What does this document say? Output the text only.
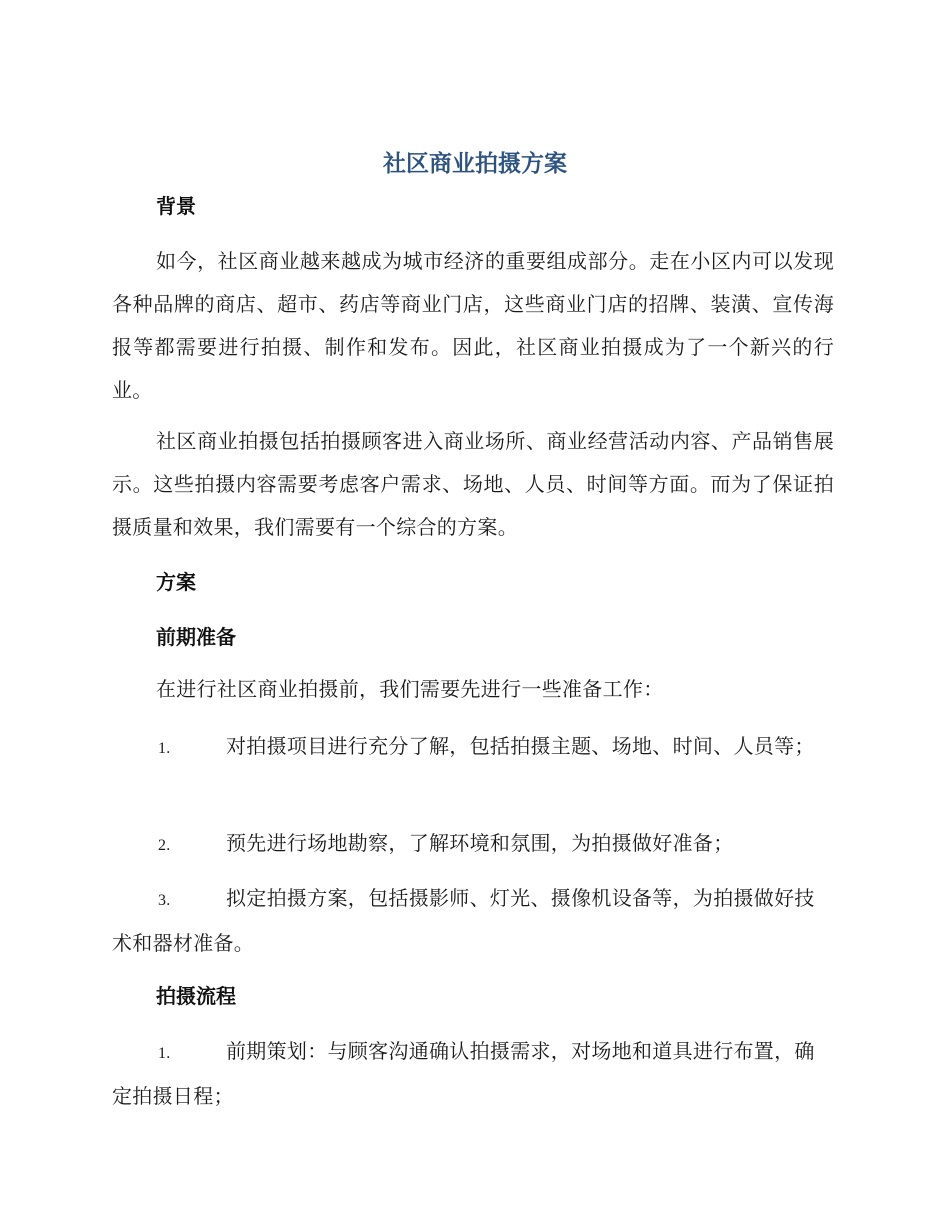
社区商业拍摄方案
背景
如今，社区商业越来越成为城市经济的重要组成部分。走在小区内可以发现各种品牌的商店、超市、药店等商业门店，这些商业门店的招牌、装潢、宣传海报等都需要进行拍摄、制作和发布。因此，社区商业拍摄成为了一个新兴的行业。
社区商业拍摄包括拍摄顾客进入商业场所、商业经营活动内容、产品销售展示。这些拍摄内容需要考虑客户需求、场地、人员、时间等方面。而为了保证拍摄质量和效果，我们需要有一个综合的方案。
方案
前期准备
在进行社区商业拍摄前，我们需要先进行一些准备工作：
1.	对拍摄项目进行充分了解，包括拍摄主题、场地、时间、人员等；
2.	预先进行场地勘察，了解环境和氛围，为拍摄做好准备；
3.	拟定拍摄方案，包括摄影师、灯光、摄像机设备等，为拍摄做好技术和器材准备。
拍摄流程
1.	前期策划：与顾客沟通确认拍摄需求，对场地和道具进行布置，确定拍摄日程；
